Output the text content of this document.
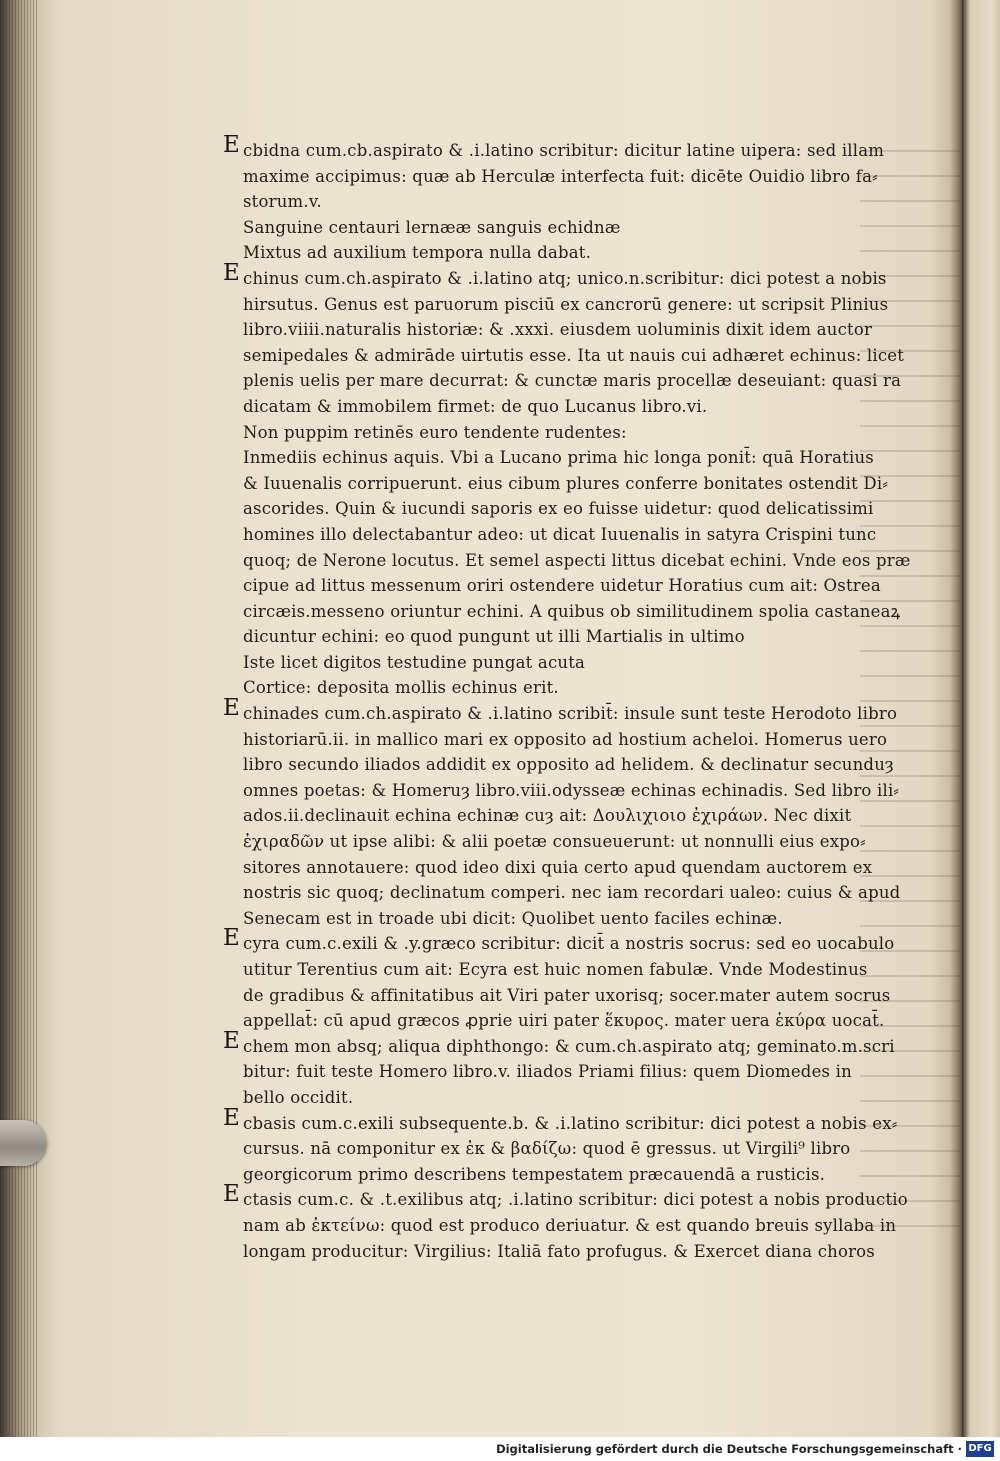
E cbidna cum.cb.aspirato & .i.latino scribitur: dicitur latine uipera: sed illam
maxime accipimus: quæ ab Herculæ interfecta fuit: dicēte Ouidio libro fa⸗
storum.v.
Sanguine centauri lernææ sanguis echidnæ
Mixtus ad auxilium tempora nulla dabat.
E chinus cum.ch.aspirato & .i.latino atq; unico.n.scribitur: dici potest a nobis
hirsutus. Genus est paruorum pisciū ex cancrorū genere: ut scripsit Plinius
libro.viiii.naturalis historiæ: & .xxxi. eiusdem uoluminis dixit idem auctor
semipedales & admirāde uirtutis esse. Ita ut nauis cui adhæret echinus: licet
plenis uelis per mare decurrat: & cunctæ maris procellæ deseuiant: quasi ra
dicatam & immobilem firmet: de quo Lucanus libro.vi.
Non puppim retinēs euro tendente rudentes:
Inmediis echinus aquis. Vbi a Lucano prima hic longa ponit̄: quā Horatius
& Iuuenalis corripuerunt. eius cibum plures conferre bonitates ostendit Di⸗
ascorides. Quin & iucundi saporis ex eo fuisse uidetur: quod delicatissimi
homines illo delectabantur adeo: ut dicat Iuuenalis in satyra Crispini tunc
quoq; de Nerone locutus. Et semel aspecti littus dicebat echini. Vnde eos præ
cipue ad littus messenum oriri ostendere uidetur Horatius cum ait: Ostrea
circæis.messeno oriuntur echini. A quibus ob similitudinem spolia castaneaꝝ
dicuntur echini: eo quod pungunt ut illi Martialis in ultimo
Iste licet digitos testudine pungat acuta
Cortice: deposita mollis echinus erit.
E chinades cum.ch.aspirato & .i.latino scribit̄: insule sunt teste Herodoto libro
historiarū.ii. in mallico mari ex opposito ad hostium acheloi. Homerus uero
libro secundo iliados addidit ex opposito ad helidem. & declinatur secunduȝ
omnes poetas: & Homeruȝ libro.viii.odysseæ echinas echinadis. Sed libro ili⸗
ados.ii.declinauit echina echinæ cuȝ ait: Δουλιχιοιο ἐχιράων. Nec dixit
ἐχιραδῶν ut ipse alibi: & alii poetæ consueuerunt: ut nonnulli eius expo⸗
sitores annotauere: quod ideo dixi quia certo apud quendam auctorem ex
nostris sic quoq; declinatum comperi. nec iam recordari ualeo: cuius & apud
Senecam est in troade ubi dicit: Quolibet uento faciles echinæ.
E cyra cum.c.exili & .y.græco scribitur: dicit̄ a nostris socrus: sed eo uocabulo
utitur Terentius cum ait: Ecyra est huic nomen fabulæ. Vnde Modestinus
de gradibus & affinitatibus ait Viri pater uxorisq; socer.mater autem socrus
appellat̄: cū apud græcos ꝓprie uiri pater ἕκυρος. mater uera ἑκύρα uocat̄.
E chem mon absq; aliqua diphthongo: & cum.ch.aspirato atq; geminato.m.scri
bitur: fuit teste Homero libro.v. iliados Priami filius: quem Diomedes in
bello occidit.
E cbasis cum.c.exili subsequente.b. & .i.latino scribitur: dici potest a nobis ex⸗
cursus. nā componitur ex ἐκ & βαδίζω: quod ē gressus. ut Virgili⁹ libro
georgicorum primo describens tempestatem præcauendā a rusticis.
E ctasis cum.c. & .t.exilibus atq; .i.latino scribitur: dici potest a nobis productio
nam ab ἐκτείνω: quod est produco deriuatur. & est quando breuis syllaba in
longam producitur: Virgilius: Italiā fato profugus. & Exercet diana choros
Digitalisierung gefördert durch die Deutsche Forschungsgemeinschaft · DFG
